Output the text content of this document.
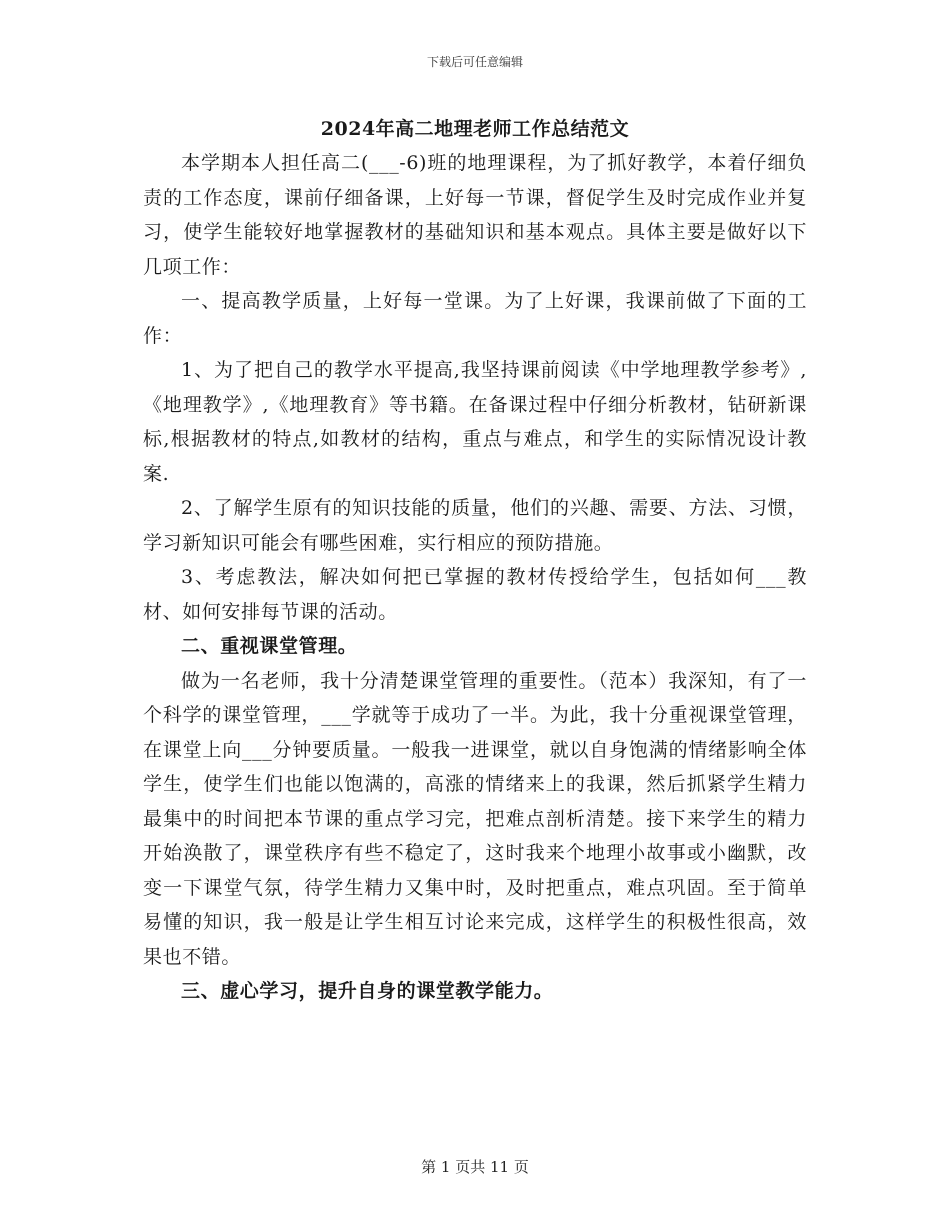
下载后可任意编辑
2024年高二地理老师工作总结范文

本学期本人担任高二(___-6)班的地理课程，为了抓好教学，本着仔细负责的工作态度，课前仔细备课，上好每一节课，督促学生及时完成作业并复习，使学生能较好地掌握教材的基础知识和基本观点。具体主要是做好以下几项工作：

一、提高教学质量，上好每一堂课。为了上好课，我课前做了下面的工作：

1、为了把自己的教学水平提高,我坚持课前阅读《中学地理教学参考》,《地理教学》,《地理教育》等书籍。在备课过程中仔细分析教材，钻研新课标,根据教材的特点,如教材的结构，重点与难点，和学生的实际情况设计教案.

2、了解学生原有的知识技能的质量，他们的兴趣、需要、方法、习惯，学习新知识可能会有哪些困难，实行相应的预防措施。

3、考虑教法，解决如何把已掌握的教材传授给学生，包括如何___教材、如何安排每节课的活动。

二、重视课堂管理。

做为一名老师，我十分清楚课堂管理的重要性。（范本）我深知，有了一个科学的课堂管理，___学就等于成功了一半。为此，我十分重视课堂管理，在课堂上向___分钟要质量。一般我一进课堂，就以自身饱满的情绪影响全体学生，使学生们也能以饱满的，高涨的情绪来上的我课，然后抓紧学生精力最集中的时间把本节课的重点学习完，把难点剖析清楚。接下来学生的精力开始涣散了，课堂秩序有些不稳定了，这时我来个地理小故事或小幽默，改变一下课堂气氛，待学生精力又集中时，及时把重点，难点巩固。至于简单易懂的知识，我一般是让学生相互讨论来完成，这样学生的积极性很高，效果也不错。

三、虚心学习，提升自身的课堂教学能力。

第 1 页共 11 页
